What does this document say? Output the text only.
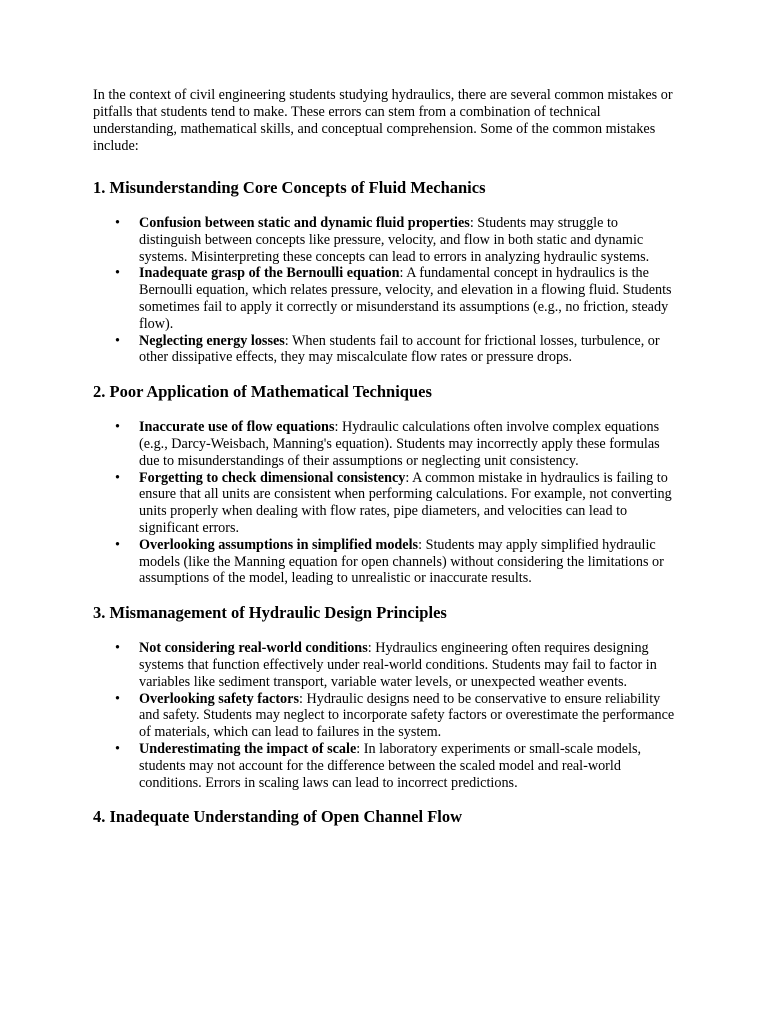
In the context of civil engineering students studying hydraulics, there are several common mistakes or pitfalls that students tend to make. These errors can stem from a combination of technical understanding, mathematical skills, and conceptual comprehension. Some of the common mistakes include:

1. Misunderstanding Core Concepts of Fluid Mechanics
• Confusion between static and dynamic fluid properties: Students may struggle to distinguish between concepts like pressure, velocity, and flow in both static and dynamic systems. Misinterpreting these concepts can lead to errors in analyzing hydraulic systems.
• Inadequate grasp of the Bernoulli equation: A fundamental concept in hydraulics is the Bernoulli equation, which relates pressure, velocity, and elevation in a flowing fluid. Students sometimes fail to apply it correctly or misunderstand its assumptions (e.g., no friction, steady flow).
• Neglecting energy losses: When students fail to account for frictional losses, turbulence, or other dissipative effects, they may miscalculate flow rates or pressure drops.
2. Poor Application of Mathematical Techniques
• Inaccurate use of flow equations: Hydraulic calculations often involve complex equations (e.g., Darcy-Weisbach, Manning's equation). Students may incorrectly apply these formulas due to misunderstandings of their assumptions or neglecting unit consistency.
• Forgetting to check dimensional consistency: A common mistake in hydraulics is failing to ensure that all units are consistent when performing calculations. For example, not converting units properly when dealing with flow rates, pipe diameters, and velocities can lead to significant errors.
• Overlooking assumptions in simplified models: Students may apply simplified hydraulic models (like the Manning equation for open channels) without considering the limitations or assumptions of the model, leading to unrealistic or inaccurate results.
3. Mismanagement of Hydraulic Design Principles
• Not considering real-world conditions: Hydraulics engineering often requires designing systems that function effectively under real-world conditions. Students may fail to factor in variables like sediment transport, variable water levels, or unexpected weather events.
• Overlooking safety factors: Hydraulic designs need to be conservative to ensure reliability and safety. Students may neglect to incorporate safety factors or overestimate the performance of materials, which can lead to failures in the system.
• Underestimating the impact of scale: In laboratory experiments or small-scale models, students may not account for the difference between the scaled model and real-world conditions. Errors in scaling laws can lead to incorrect predictions.
4. Inadequate Understanding of Open Channel Flow
